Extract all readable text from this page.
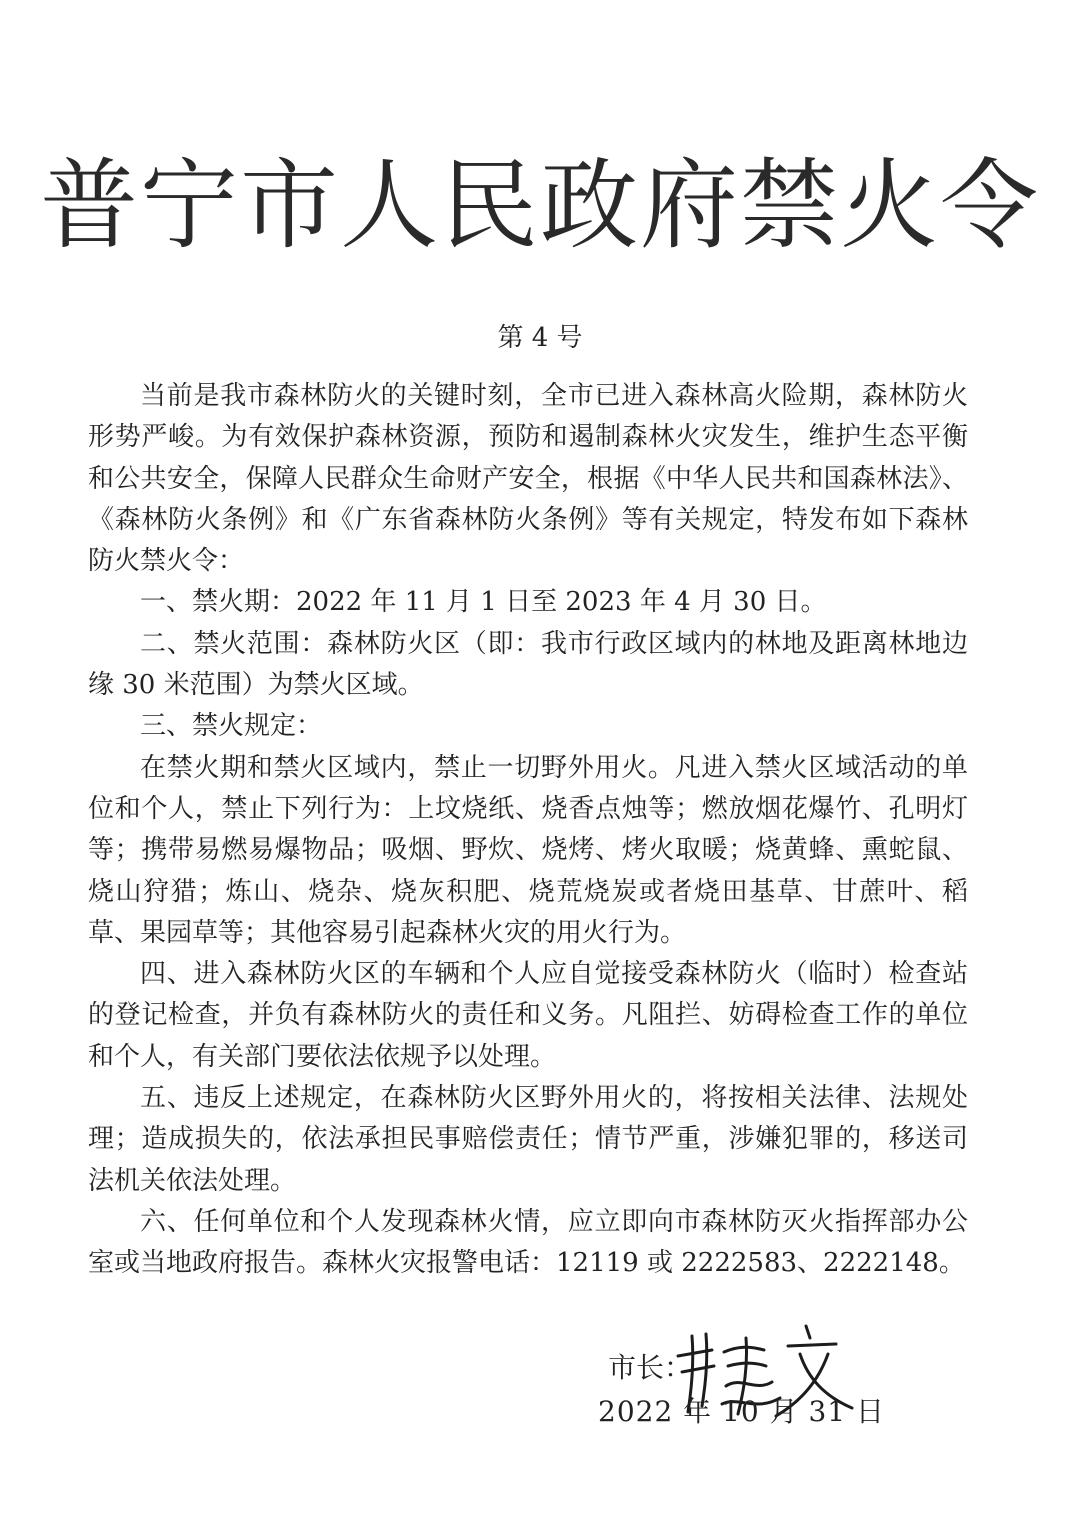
普宁市人民政府禁火令
第 4 号

当前是我市森林防火的关键时刻，全市已进入森林高火险期，森林防火形势严峻。为有效保护森林资源，预防和遏制森林火灾发生，维护生态平衡和公共安全，保障人民群众生命财产安全，根据《中华人民共和国森林法》、《森林防火条例》和《广东省森林防火条例》等有关规定，特发布如下森林防火禁火令：

一、禁火期：2022 年 11 月 1 日至 2023 年 4 月 30 日。

二、禁火范围：森林防火区（即：我市行政区域内的林地及距离林地边缘 30 米范围）为禁火区域。

三、禁火规定：

在禁火期和禁火区域内，禁止一切野外用火。凡进入禁火区域活动的单位和个人，禁止下列行为：上坟烧纸、烧香点烛等；燃放烟花爆竹、孔明灯等；携带易燃易爆物品；吸烟、野炊、烧烤、烤火取暖；烧黄蜂、熏蛇鼠、烧山狩猎；炼山、烧杂、烧灰积肥、烧荒烧炭或者烧田基草、甘蔗叶、稻草、果园草等；其他容易引起森林火灾的用火行为。

四、进入森林防火区的车辆和个人应自觉接受森林防火（临时）检查站的登记检查，并负有森林防火的责任和义务。凡阻拦、妨碍检查工作的单位和个人，有关部门要依法依规予以处理。

五、违反上述规定，在森林防火区野外用火的，将按相关法律、法规处理；造成损失的，依法承担民事赔偿责任；情节严重，涉嫌犯罪的，移送司法机关依法处理。

六、任何单位和个人发现森林火情，应立即向市森林防灭火指挥部办公室或当地政府报告。森林火灾报警电话：12119 或 2222583、2222148。

市长：
2022 年 10 月 31 日
